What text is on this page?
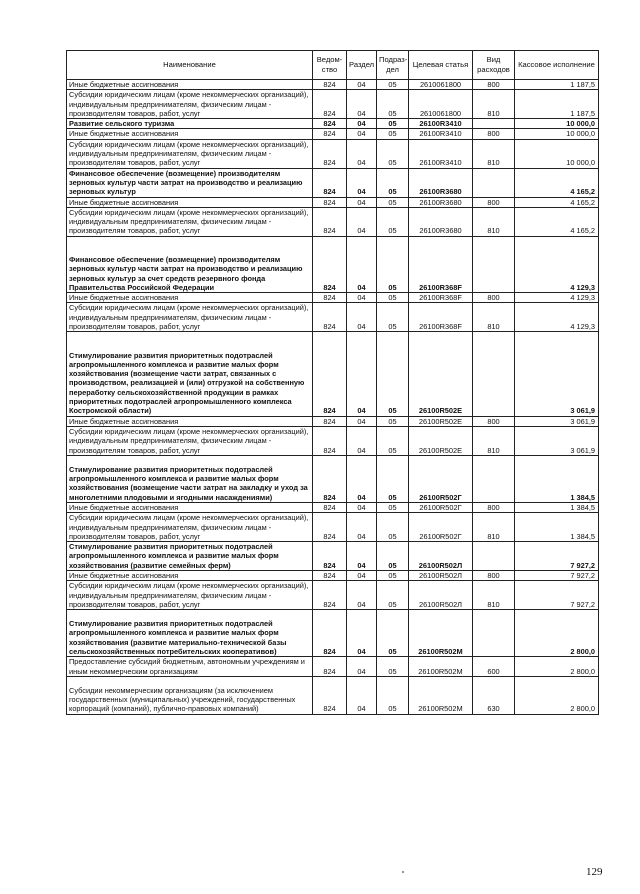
Наименование	Ведом-ство	Раздел	Подраз-дел	Целевая статья	Вид расходов	Кассовое исполнение
Иные бюджетные ассигнования	824	04	05	2610061800	800	1 187,5
Субсидии юридическим лицам (кроме некоммерческих организаций), индивидуальным предпринимателям, физическим лицам - производителям товаров, работ, услуг	824	04	05	2610061800	810	1 187,5
Развитие сельского туризма	824	04	05	26100R3410		10 000,0
Иные бюджетные ассигнования	824	04	05	26100R3410	800	10 000,0
Субсидии юридическим лицам (кроме некоммерческих организаций), индивидуальным предпринимателям, физическим лицам - производителям товаров, работ, услуг	824	04	05	26100R3410	810	10 000,0
Финансовое обеспечение (возмещение) производителям зерновых культур части затрат на производство и реализацию зерновых культур	824	04	05	26100R3680		4 165,2
Иные бюджетные ассигнования	824	04	05	26100R3680	800	4 165,2
Субсидии юридическим лицам (кроме некоммерческих организаций), индивидуальным предпринимателям, физическим лицам - производителям товаров, работ, услуг	824	04	05	26100R3680	810	4 165,2
Финансовое обеспечение (возмещение) производителям зерновых культур части затрат на производство и реализацию зерновых культур за счет средств резервного фонда Правительства Российской Федерации	824	04	05	26100R368F		4 129,3
Иные бюджетные ассигнования	824	04	05	26100R368F	800	4 129,3
Субсидии юридическим лицам (кроме некоммерческих организаций), индивидуальным предпринимателям, физическим лицам - производителям товаров, работ, услуг	824	04	05	26100R368F	810	4 129,3
Стимулирование развития приоритетных подотраслей агропромышленного комплекса и развитие малых форм хозяйствования (возмещение части затрат, связанных с производством, реализацией и (или) отгрузкой на собственную переработку сельскохозяйственной продукции в рамках приоритетных подотраслей агропромышленного комплекса Костромской области)	824	04	05	26100R502E		3 061,9
Иные бюджетные ассигнования	824	04	05	26100R502E	800	3 061,9
Субсидии юридическим лицам (кроме некоммерческих организаций), индивидуальным предпринимателям, физическим лицам - производителям товаров, работ, услуг	824	04	05	26100R502E	810	3 061,9
Стимулирование развития приоритетных подотраслей агропромышленного комплекса и развитие малых форм хозяйствования (возмещение части затрат на закладку и уход за многолетними плодовыми и ягодными насаждениями)	824	04	05	26100R502Г		1 384,5
Иные бюджетные ассигнования	824	04	05	26100R502Г	800	1 384,5
Субсидии юридическим лицам (кроме некоммерческих организаций), индивидуальным предпринимателям, физическим лицам - производителям товаров, работ, услуг	824	04	05	26100R502Г	810	1 384,5
Стимулирование развития приоритетных подотраслей агропромышленного комплекса и развитие малых форм хозяйствования (развитие семейных ферм)	824	04	05	26100R502Л		7 927,2
Иные бюджетные ассигнования	824	04	05	26100R502Л	800	7 927,2
Субсидии юридическим лицам (кроме некоммерческих организаций), индивидуальным предпринимателям, физическим лицам - производителям товаров, работ, услуг	824	04	05	26100R502Л	810	7 927,2
Стимулирование развития приоритетных подотраслей агропромышленного комплекса и развитие малых форм хозяйствования (развитие материально-технической базы сельскохозяйственных потребительских кооперативов)	824	04	05	26100R502M		2 800,0
Предоставление субсидий бюджетным, автономным учреждениям и иным некоммерческим организациям	824	04	05	26100R502M	600	2 800,0
Субсидии некоммерческим организациям (за исключением государственных (муниципальных) учреждений, государственных корпораций (компаний), публично-правовых компаний)	824	04	05	26100R502M	630	2 800,0
129
